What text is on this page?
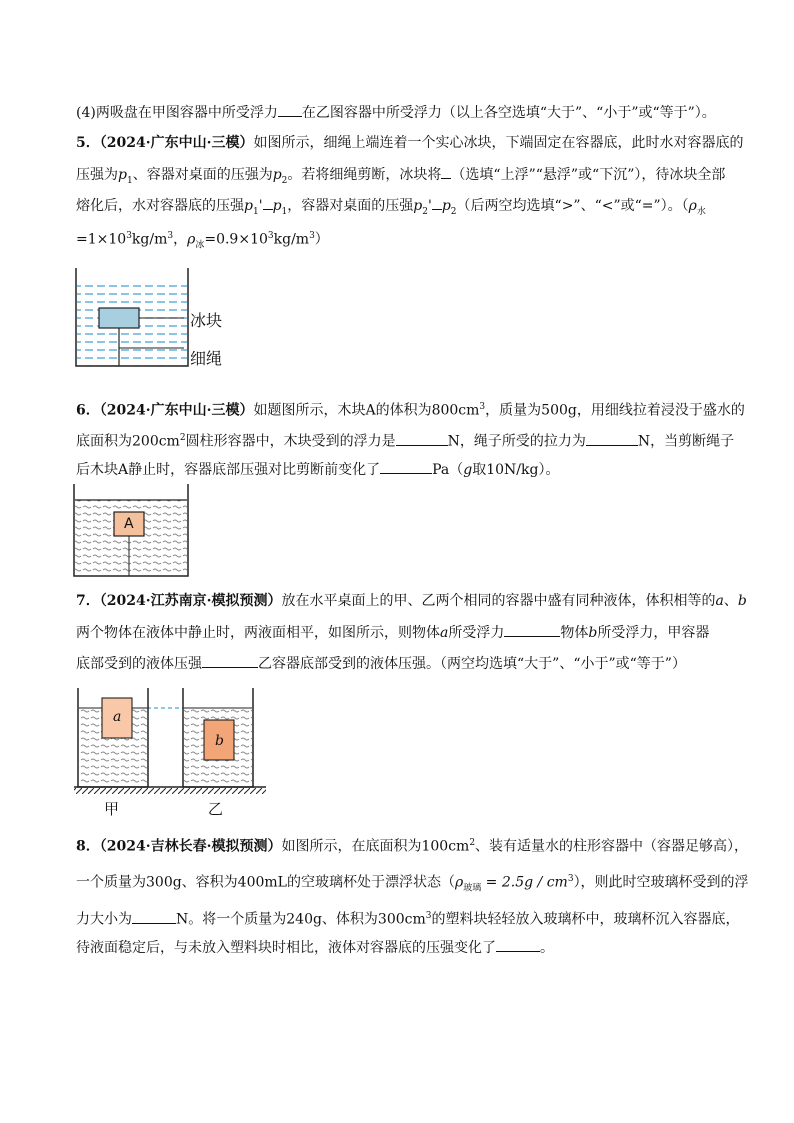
(4)两吸盘在甲图容器中所受浮力 在乙图容器中所受浮力（以上各空选填“大于”、“小于”或“等于”）。
5．（2024·广东中山·三模）如图所示，细绳上端连着一个实心冰块，下端固定在容器底，此时水对容器底的
压强为$p_1$、容器对桌面的压强为$p_2$。若将细绳剪断，冰块将 （选填“上浮”“悬浮”或“下沉”），待冰块全部
熔化后，水对容器底的压强$p_1'$ $p_1$，容器对桌面的压强$p_2'$ $p_2$（后两空均选填“>”、“<”或“=”）。（$\rho_水$
$=1\times 10^3kg/m^3$，$\rho_冰=0.9\times 10^3kg/m^3$）
冰块
细绳
6．（2024·广东中山·三模）如题图所示，木块A的体积为$800cm^3$，质量为500g，用细线拉着浸没于盛水的
底面积为$200cm^2$圆柱形容器中，木块受到的浮力是	N，绳子所受的拉力为	N，当剪断绳子
后木块A静止时，容器底部压强对比剪断前变化了	Pa（g取10N/kg）。
A
7．（2024·江苏南京·模拟预测）放在水平桌面上的甲、乙两个相同的容器中盛有同种液体，体积相等的a、b
两个物体在液体中静止时，两液面相平，如图所示，则物体a所受浮力	物体b所受浮力，甲容器
底部受到的液体压强	乙容器底部受到的液体压强。（两空均选填“大于”、“小于”或“等于”）
a
b
甲	乙
8．（2024·吉林长春·模拟预测）如图所示，在底面积为$100cm^2$、装有适量水的柱形容器中（容器足够高），
一个质量为300g、容积为400mL的空玻璃杯处于漂浮状态$(\rho_{玻璃} = 2.5g / cm^3)$，则此时空玻璃杯受到的浮
力大小为	N。将一个质量为240g、体积为$300cm^3$的塑料块轻轻放入玻璃杯中，玻璃杯沉入容器底，
待液面稳定后，与未放入塑料块时相比，液体对容器底的压强变化了	。
